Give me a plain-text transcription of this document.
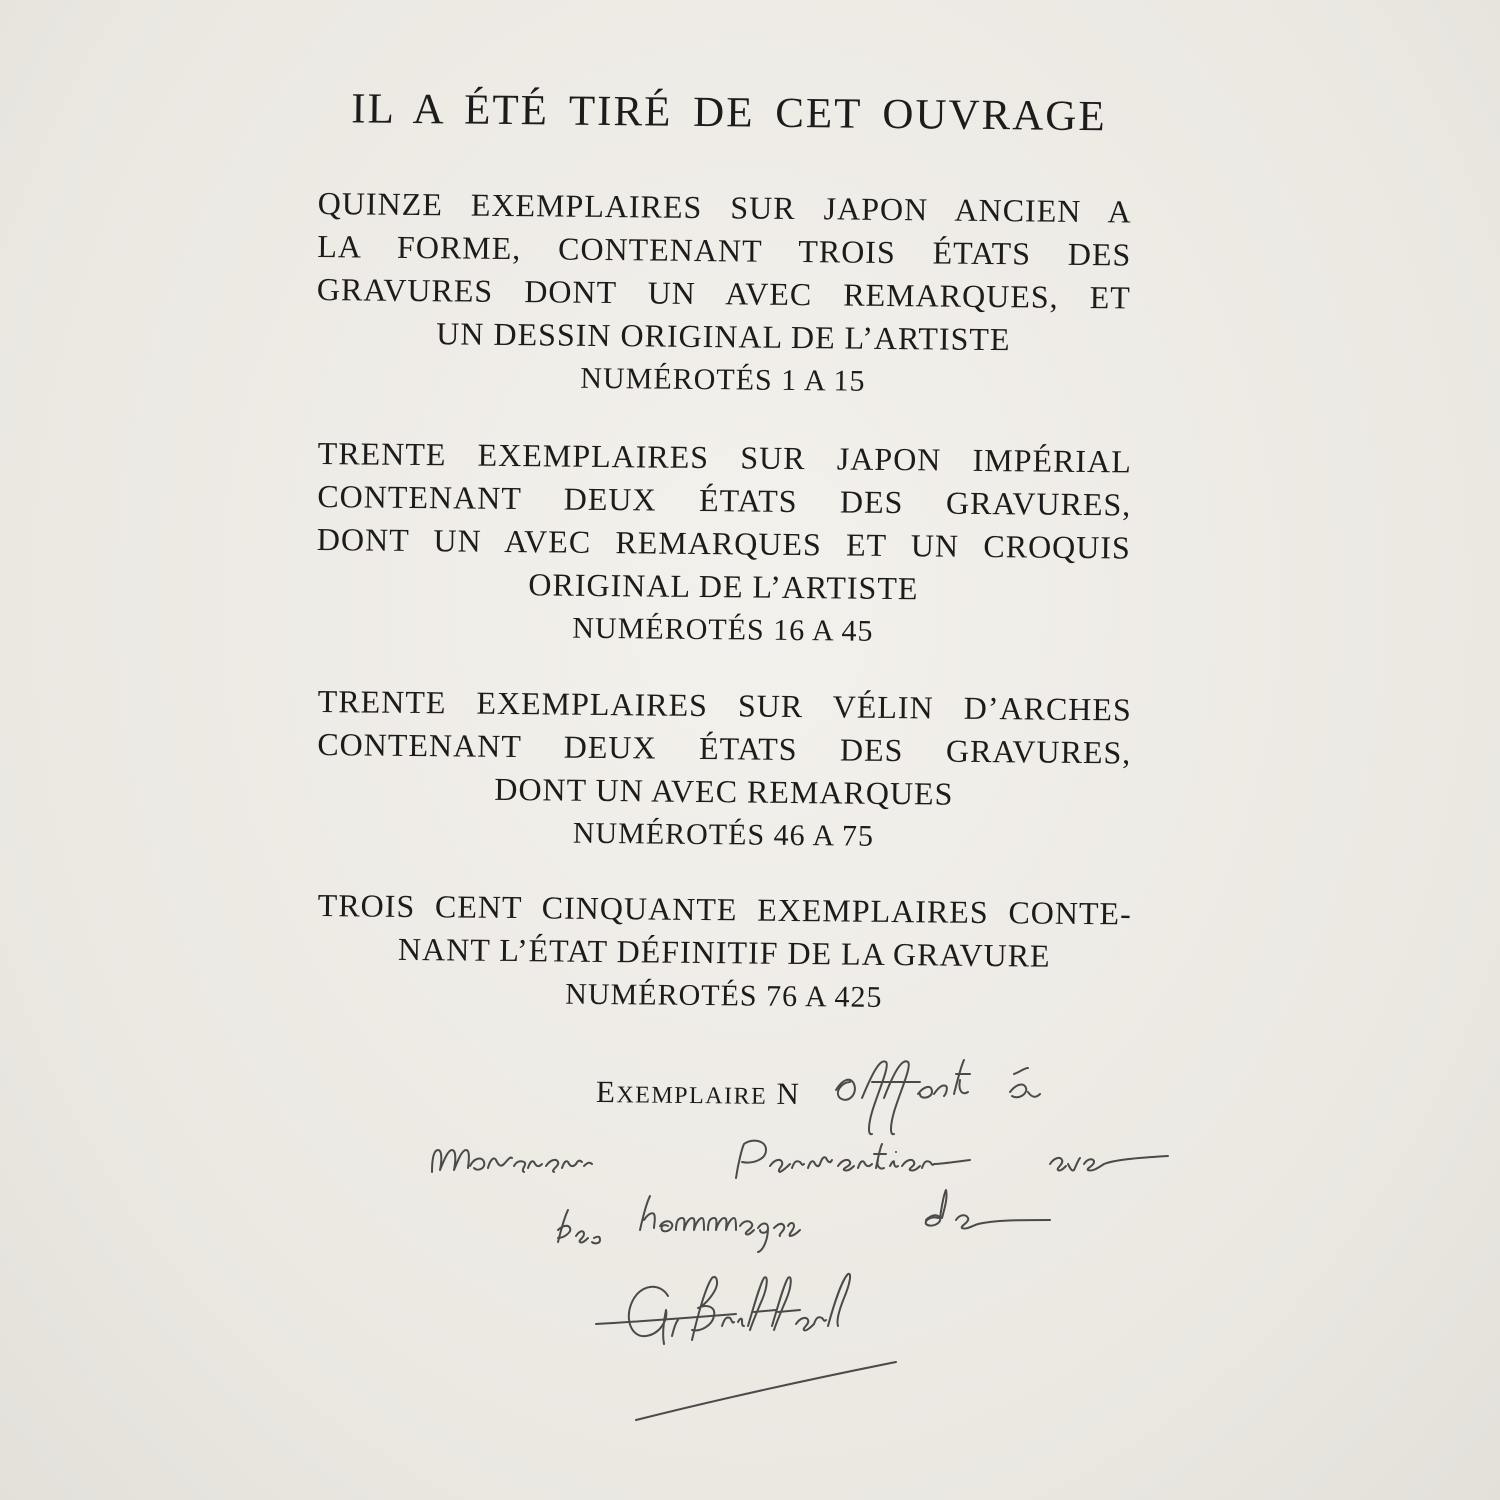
IL A ÉTÉ TIRÉ DE CET OUVRAGE
QUINZE EXEMPLAIRES SUR JAPON ANCIEN A
LA FORME, CONTENANT TROIS ÉTATS DES
GRAVURES DONT UN AVEC REMARQUES, ET
UN DESSIN ORIGINAL DE L’ARTISTE
NUMÉROTÉS 1 A 15
TRENTE EXEMPLAIRES SUR JAPON IMPÉRIAL
CONTENANT DEUX ÉTATS DES GRAVURES,
DONT UN AVEC REMARQUES ET UN CROQUIS
ORIGINAL DE L’ARTISTE
NUMÉROTÉS 16 A 45
TRENTE EXEMPLAIRES SUR VÉLIN D’ARCHES
CONTENANT DEUX ÉTATS DES GRAVURES,
DONT UN AVEC REMARQUES
NUMÉROTÉS 46 A 75
TROIS CENT CINQUANTE EXEMPLAIRES CONTE-
NANT L’ÉTAT DÉFINITIF DE LA GRAVURE
NUMÉROTÉS 76 A 425
EXEMPLAIRE N
